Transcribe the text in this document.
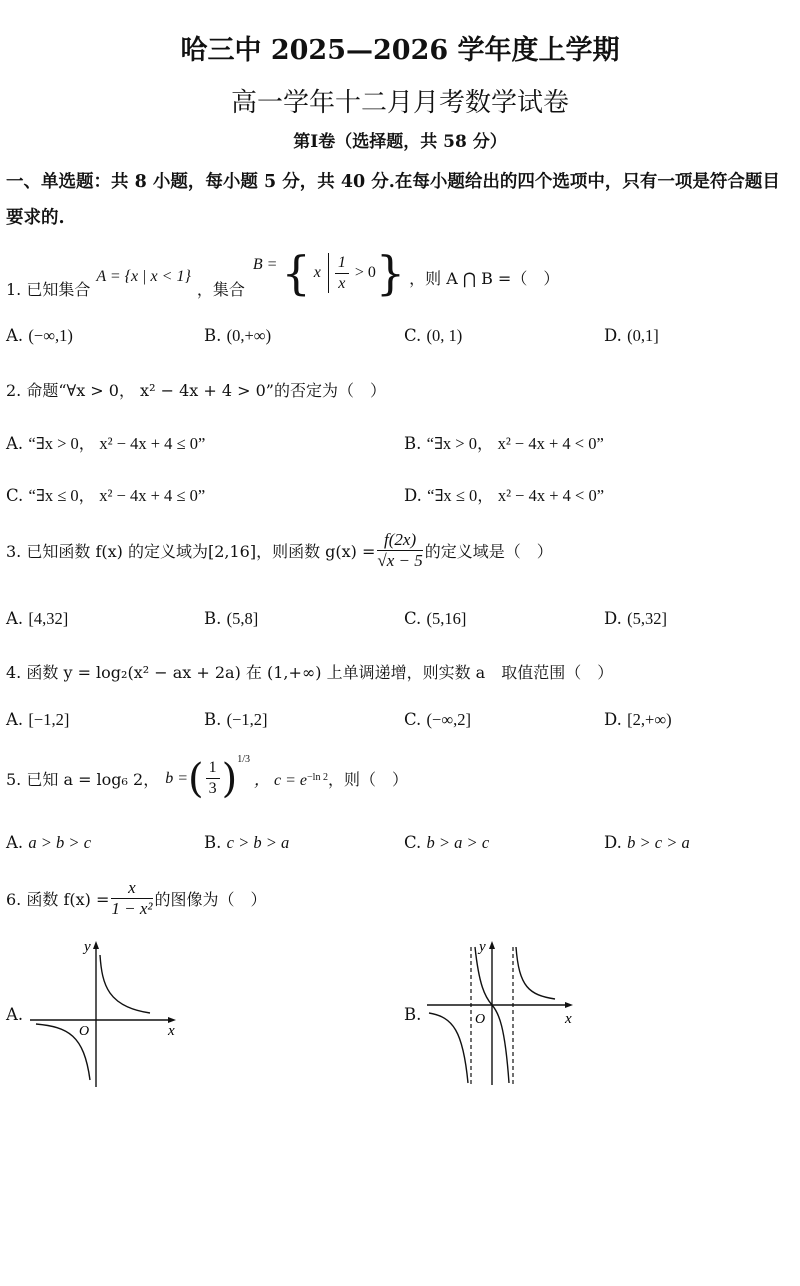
哈三中 2025—2026 学年度上学期
高一学年十二月月考数学试卷
第Ⅰ卷（选择题，共 58 分）
一、单选题：共 8 小题，每小题 5 分，共 40 分.在每小题给出的四个选项中，只有一项是符合题目要求的.
1. 已知集合
A = {x | x < 1}
，集合
B = { x $\frac{1}{x} > 0$ } ，则 A ⋂ B =（　）
A. (−∞,1)	B. (0,+∞)	C. (0, 1)	D. (0,1]
2. 命题“∀x > 0， x² − 4x + 4 > 0”的否定为（　）
A. “∃x > 0， x² − 4x + 4 ≤ 0”	B. “∃x > 0， x² − 4x + 4 < 0”
C. “∃x ≤ 0， x² − 4x + 4 ≤ 0”	D. “∃x ≤ 0， x² − 4x + 4 < 0”
3. 已知函数 f(x) 的定义域为[2,16]，则函数 $g(x) = \frac{f(2x)}{√x - 5}$ 的定义域是（　）
A. [4,32]	B. (5,8]	C. (5,16]	D. (5,32]
4. 函数 y = log₂(x² − ax + 2a) 在 (1,+∞) 上单调递增，则实数 a　取值范围（　）
A. [−1,2]	B. (−1,2]	C. (−∞,2]	D. [2,+∞)
5. 已知 a = log₆ 2， b = ( $\frac{1}{3}$ ) 1/3
， c = e −ln 2 ，则（　）
A. a > b > c	B. c > b > a	C. b > a > c	D. b > c > a
6. 函数 $f(x) = \frac{x}{\text{1 − x²}}$ 的图像为（　）
A.
y
x
O
B.
y
x
O
